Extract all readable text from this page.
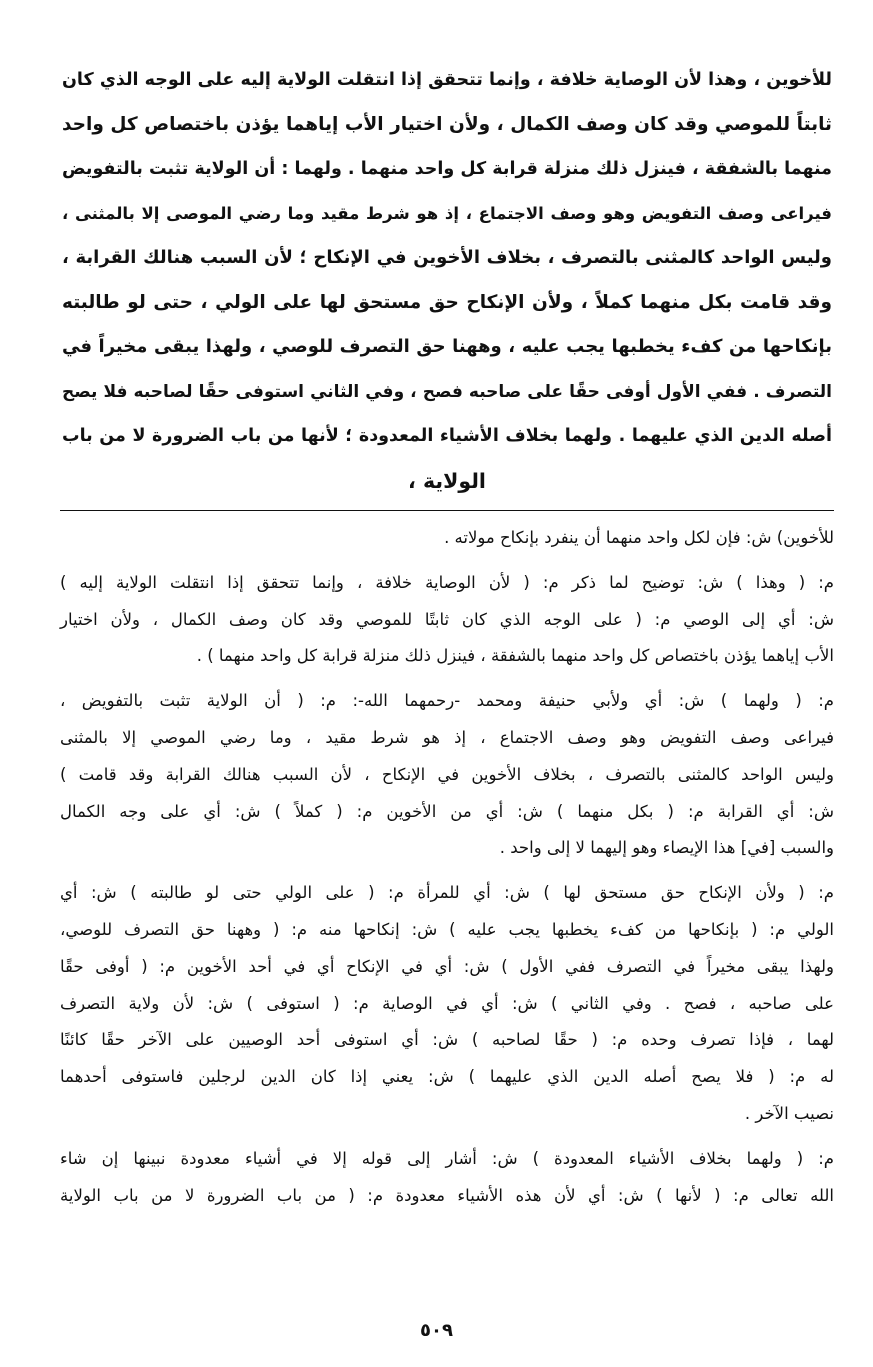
للأخوين ، وهذا لأن الوصاية خلافة ، وإنما تتحقق إذا انتقلت الولاية إليه على الوجه الذي كان
ثابتاً للموصي وقد كان وصف الكمال ، ولأن اختيار الأب إياهما يؤذن باختصاص كل واحد
منهما بالشفقة ، فينزل ذلك منزلة قرابة كل واحد منهما . ولهما : أن الولاية تثبت بالتفويض
فيراعى وصف التفويض وهو وصف الاجتماع ، إذ هو شرط مقيد وما رضي الموصى إلا بالمثنى ،
وليس الواحد كالمثنى بالتصرف ، بخلاف الأخوين في الإنكاح ؛ لأن السبب هنالك القرابة ،
وقد قامت بكل منهما كملاً ، ولأن الإنكاح حق مستحق لها على الولي ، حتى لو طالبته
بإنكاحها من كفء يخطبها يجب عليه ، وههنا حق التصرف للوصي ، ولهذا يبقى مخيراً في
التصرف . ففي الأول أوفى حقًا على صاحبه فصح ، وفي الثاني استوفى حقًا لصاحبه فلا يصح
أصله الدين الذي عليهما . ولهما بخلاف الأشياء المعدودة ؛ لأنها من باب الضرورة لا من باب
الولاية ،
للأخوين) ش: فإن لكل واحد منهما أن ينفرد بإنكاح مولاته .
م: ( وهذا ) ش: توضيح لما ذكر م: ( لأن الوصاية خلافة ، وإنما تتحقق إذا انتقلت الولاية إليه )
ش: أي إلى الوصي م: ( على الوجه الذي كان ثابتًا للموصي وقد كان وصف الكمال ، ولأن اختيار
الأب إياهما يؤذن باختصاص كل واحد منهما بالشفقة ، فينزل ذلك منزلة قرابة كل واحد منهما ) .
م: ( ولهما ) ش: أي ولأبي حنيفة ومحمد -رحمهما الله-: م: ( أن الولاية تثبت بالتفويض ،
فيراعى وصف التفويض وهو وصف الاجتماع ، إذ هو شرط مقيد ، وما رضي الموصي إلا بالمثنى
وليس الواحد كالمثنى بالتصرف ، بخلاف الأخوين في الإنكاح ، لأن السبب هنالك القرابة وقد قامت )
ش: أي القرابة م: ( بكل منهما ) ش: أي من الأخوين م: ( كملاً ) ش: أي على وجه الكمال
والسبب [في] هذا الإيصاء وهو إليهما لا إلى واحد .
م: ( ولأن الإنكاح حق مستحق لها ) ش: أي للمرأة م: ( على الولي حتى لو طالبته ) ش: أي
الولي م: ( بإنكاحها من كفء يخطبها يجب عليه ) ش: إنكاحها منه م: ( وههنا حق التصرف للوصي،
ولهذا يبقى مخيراً في التصرف ففي الأول ) ش: أي في الإنكاح أي في أحد الأخوين م: ( أوفى حقًا
على صاحبه ، فصح . وفي الثاني ) ش: أي في الوصاية م: ( استوفى ) ش: لأن ولاية التصرف
لهما ، فإذا تصرف وحده م: ( حقًا لصاحبه ) ش: أي استوفى أحد الوصيين على الآخر حقًا كائنًا
له م: ( فلا يصح أصله الدين الذي عليهما ) ش: يعني إذا كان الدين لرجلين فاستوفى أحدهما
نصيب الآخر .
م: ( ولهما بخلاف الأشياء المعدودة ) ش: أشار إلى قوله إلا في أشياء معدودة نبينها إن شاء
الله تعالى م: ( لأنها ) ش: أي لأن هذه الأشياء معدودة م: ( من باب الضرورة لا من باب الولاية
٥٠٩
